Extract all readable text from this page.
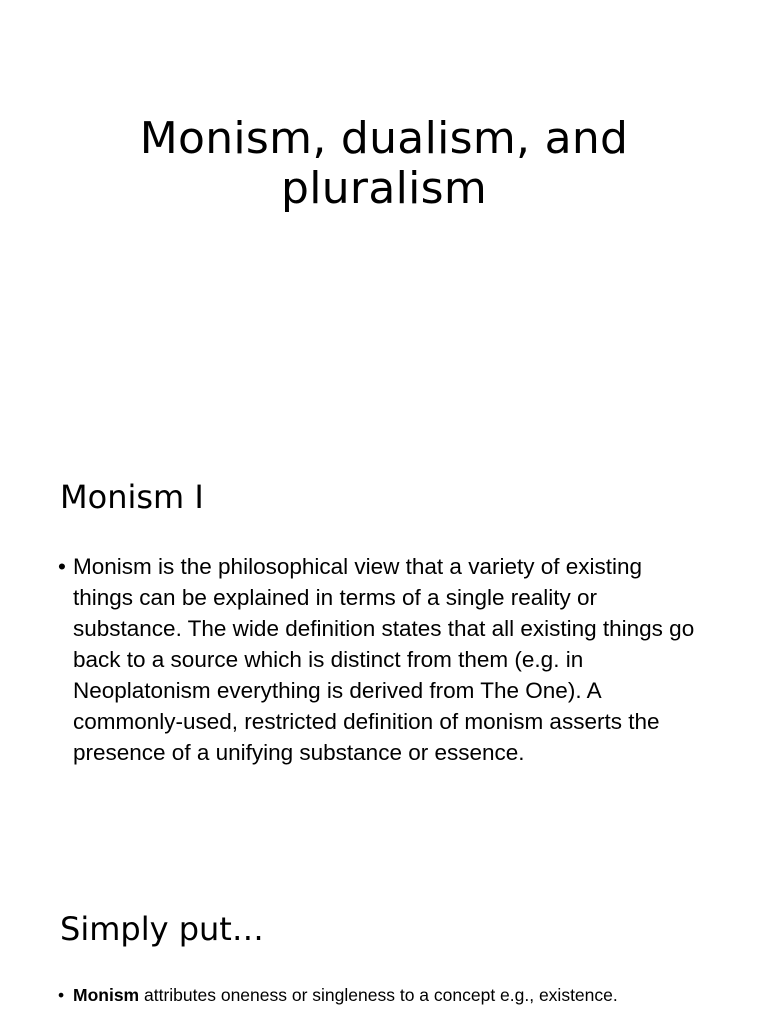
Monism, dualism, and
pluralism
Monism I
• Monism is the philosophical view that a variety of existing things can be explained in terms of a single reality or substance. The wide definition states that all existing things go back to a source which is distinct from them (e.g. in Neoplatonism everything is derived from The One). A commonly-used, restricted definition of monism asserts the presence of a unifying substance or essence.
Simply put…
• Monism attributes oneness or singleness to a concept e.g., existence.
